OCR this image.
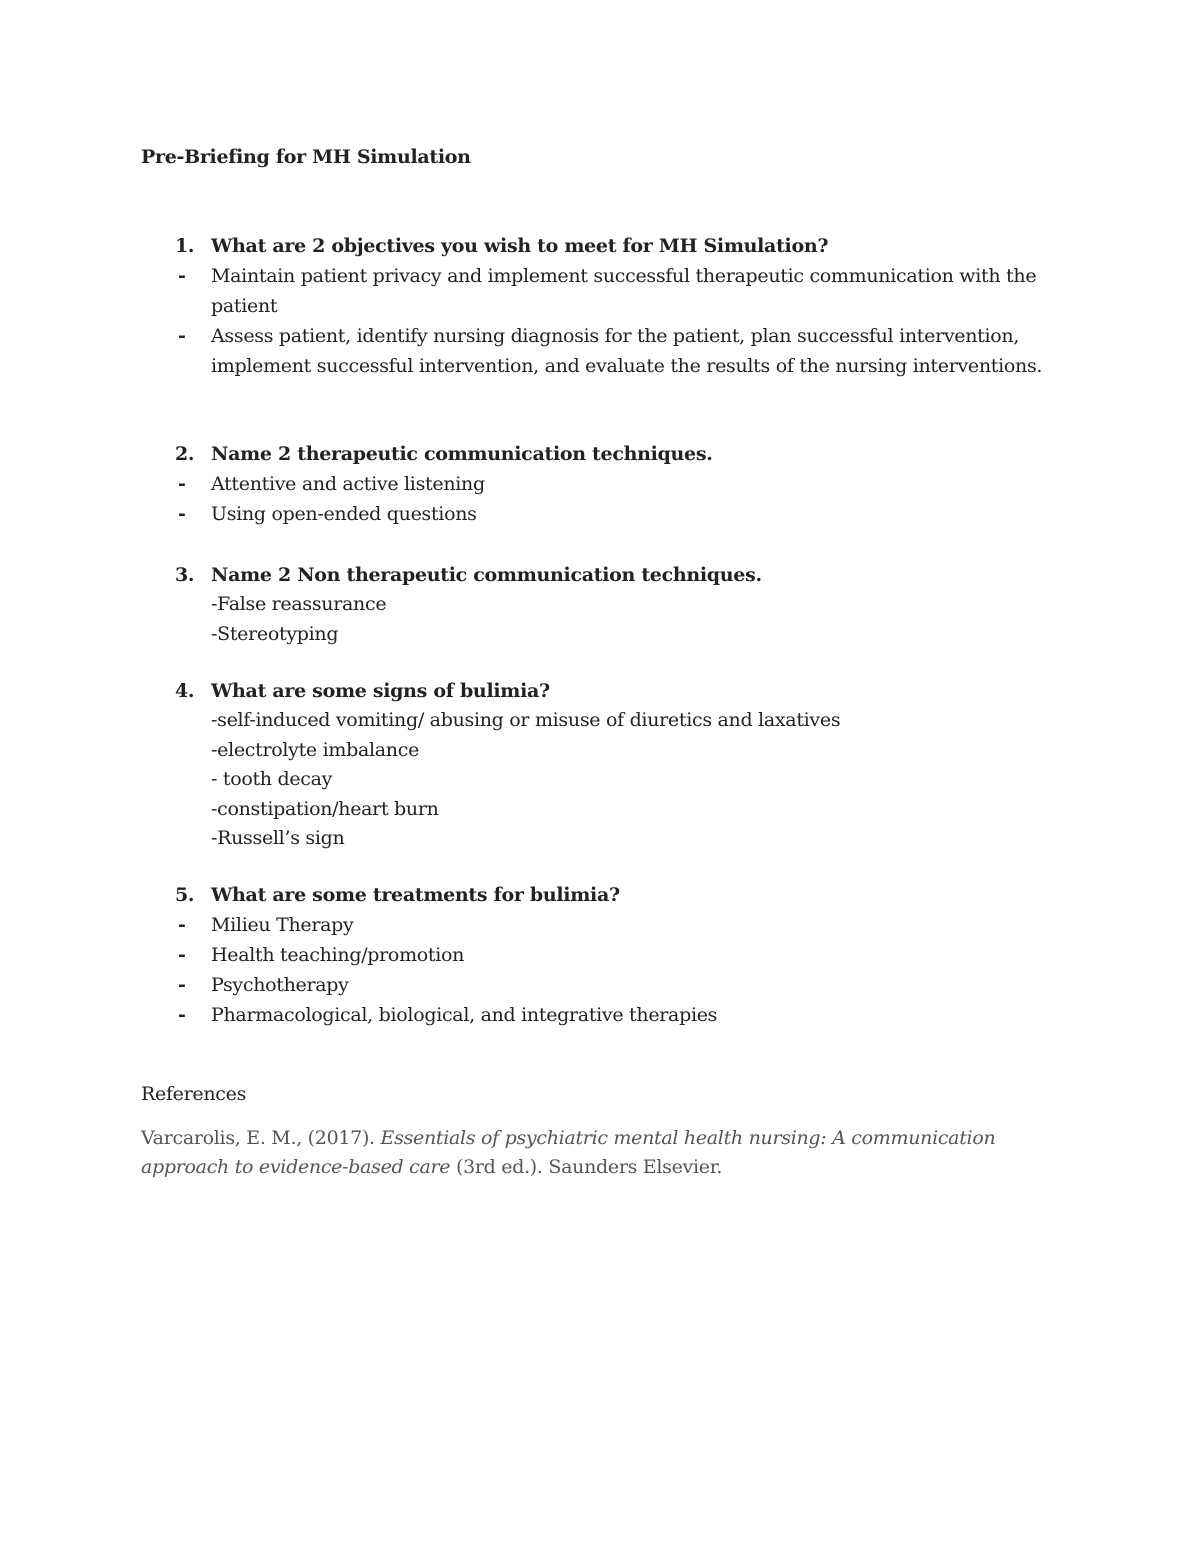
Pre-Briefing for MH Simulation
1. What are 2 objectives you wish to meet for MH Simulation?
- Maintain patient privacy and implement successful therapeutic communication with the patient
- Assess patient, identify nursing diagnosis for the patient, plan successful intervention, implement successful intervention, and evaluate the results of the nursing interventions.
2. Name 2 therapeutic communication techniques.
- Attentive and active listening
- Using open-ended questions
3. Name 2 Non therapeutic communication techniques.
-False reassurance
-Stereotyping
4. What are some signs of bulimia?
-self-induced vomiting/ abusing or misuse of diuretics and laxatives
-electrolyte imbalance
- tooth decay
-constipation/heart burn
-Russell’s sign
5. What are some treatments for bulimia?
- Milieu Therapy
- Health teaching/promotion
- Psychotherapy
- Pharmacological, biological, and integrative therapies
References

Varcarolis, E. M., (2017). Essentials of psychiatric mental health nursing: A communication approach to evidence-based care (3rd ed.). Saunders Elsevier.
